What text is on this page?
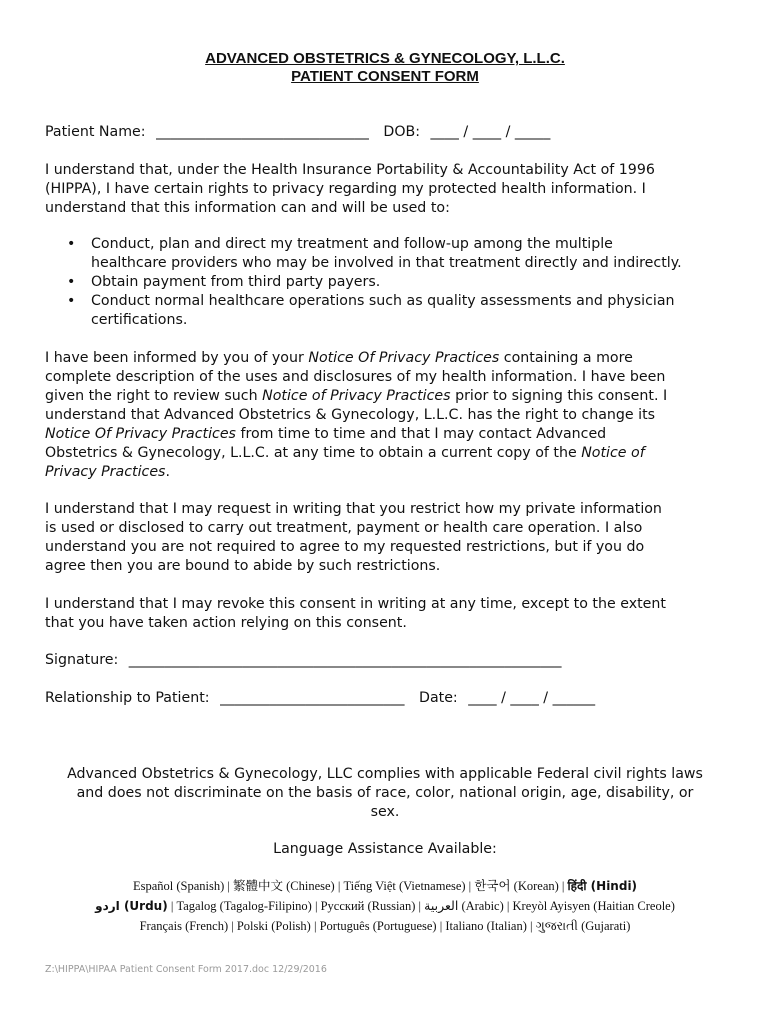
ADVANCED OBSTETRICS & GYNECOLOGY, L.L.C.
PATIENT CONSENT FORM
Patient Name: ______________________________ DOB: ____ / ____ / _____
I understand that, under the Health Insurance Portability & Accountability Act of 1996
(HIPPA), I have certain rights to privacy regarding my protected health information. I
understand that this information can and will be used to:
• Conduct, plan and direct my treatment and follow-up among the multiple
healthcare providers who may be involved in that treatment directly and indirectly.
• Obtain payment from third party payers.
• Conduct normal healthcare operations such as quality assessments and physician
certifications.
I have been informed by you of your Notice Of Privacy Practices containing a more
complete description of the uses and disclosures of my health information. I have been
given the right to review such Notice of Privacy Practices prior to signing this consent. I
understand that Advanced Obstetrics & Gynecology, L.L.C. has the right to change its
Notice Of Privacy Practices from time to time and that I may contact Advanced
Obstetrics & Gynecology, L.L.C. at any time to obtain a current copy of the Notice of
Privacy Practices.
I understand that I may request in writing that you restrict how my private information
is used or disclosed to carry out treatment, payment or health care operation. I also
understand you are not required to agree to my requested restrictions, but if you do
agree then you are bound to abide by such restrictions.
I understand that I may revoke this consent in writing at any time, except to the extent
that you have taken action relying on this consent.
Signature: _____________________________________________________________
Relationship to Patient: __________________________ Date: ____ / ____ / ______
Advanced Obstetrics & Gynecology, LLC complies with applicable Federal civil rights laws
and does not discriminate on the basis of race, color, national origin, age, disability, or
sex.
Language Assistance Available:
Español (Spanish) | 繁體中文 (Chinese) | Tiếng Việt (Vietnamese) | 한국어 (Korean) | हिंदी (Hindi)
اردو (Urdu) | Tagalog (Tagalog-Filipino) | Русский (Russian) | العربية (Arabic) | Kreyòl Ayisyen (Haitian Creole)
Français (French) | Polski (Polish) | Português (Portuguese) | Italiano (Italian) | ગુજરાતી (Gujarati)
Z:\HIPPA\HIPAA Patient Consent Form 2017.doc 12/29/2016
